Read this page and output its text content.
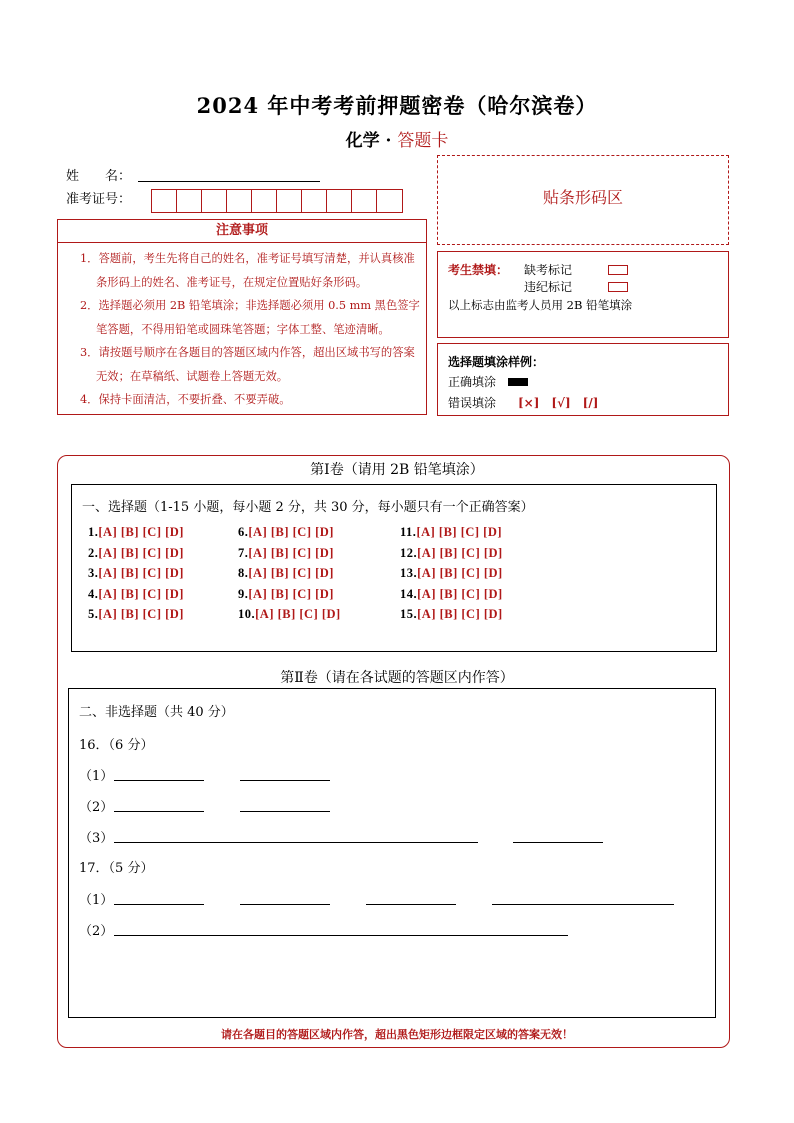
2024 年中考考前押题密卷（哈尔滨卷）
化学 · 答题卡
姓　　名：
准考证号：
注意事项
1．答题前，考生先将自己的姓名，准考证号填写清楚，并认真核准条形码上的姓名、准考证号，在规定位置贴好条形码。
2．选择题必须用 2B 铅笔填涂；非选择题必须用 0.5 mm 黑色签字笔答题，不得用铅笔或圆珠笔答题；字体工整、笔迹清晰。
3．请按题号顺序在各题目的答题区域内作答，超出区域书写的答案无效；在草稿纸、试题卷上答题无效。
4．保持卡面清洁，不要折叠、不要弄破。
贴条形码区
考生禁填： 缺考标记
违纪标记
以上标志由监考人员用 2B 铅笔填涂
选择题填涂样例：
正确填涂
错误填涂 [×]　[√]　[/]
第Ⅰ卷（请用 2B 铅笔填涂）
一、选择题（1-15 小题，每小题 2 分，共 30 分，每小题只有一个正确答案）
1.[A] [B] [C] [D]
2.[A] [B] [C] [D]
3.[A] [B] [C] [D]
4.[A] [B] [C] [D]
5.[A] [B] [C] [D]
6.[A] [B] [C] [D]
7.[A] [B] [C] [D]
8.[A] [B] [C] [D]
9.[A] [B] [C] [D]
10.[A] [B] [C] [D]
11.[A] [B] [C] [D]
12.[A] [B] [C] [D]
13.[A] [B] [C] [D]
14.[A] [B] [C] [D]
15.[A] [B] [C] [D]
第Ⅱ卷（请在各试题的答题区内作答）
二、非选择题（共 40 分）
16．（6 分）
（1）
（2）
（3）
17．（5 分）
（1）
（2）
请在各题目的答题区域内作答，超出黑色矩形边框限定区域的答案无效！
